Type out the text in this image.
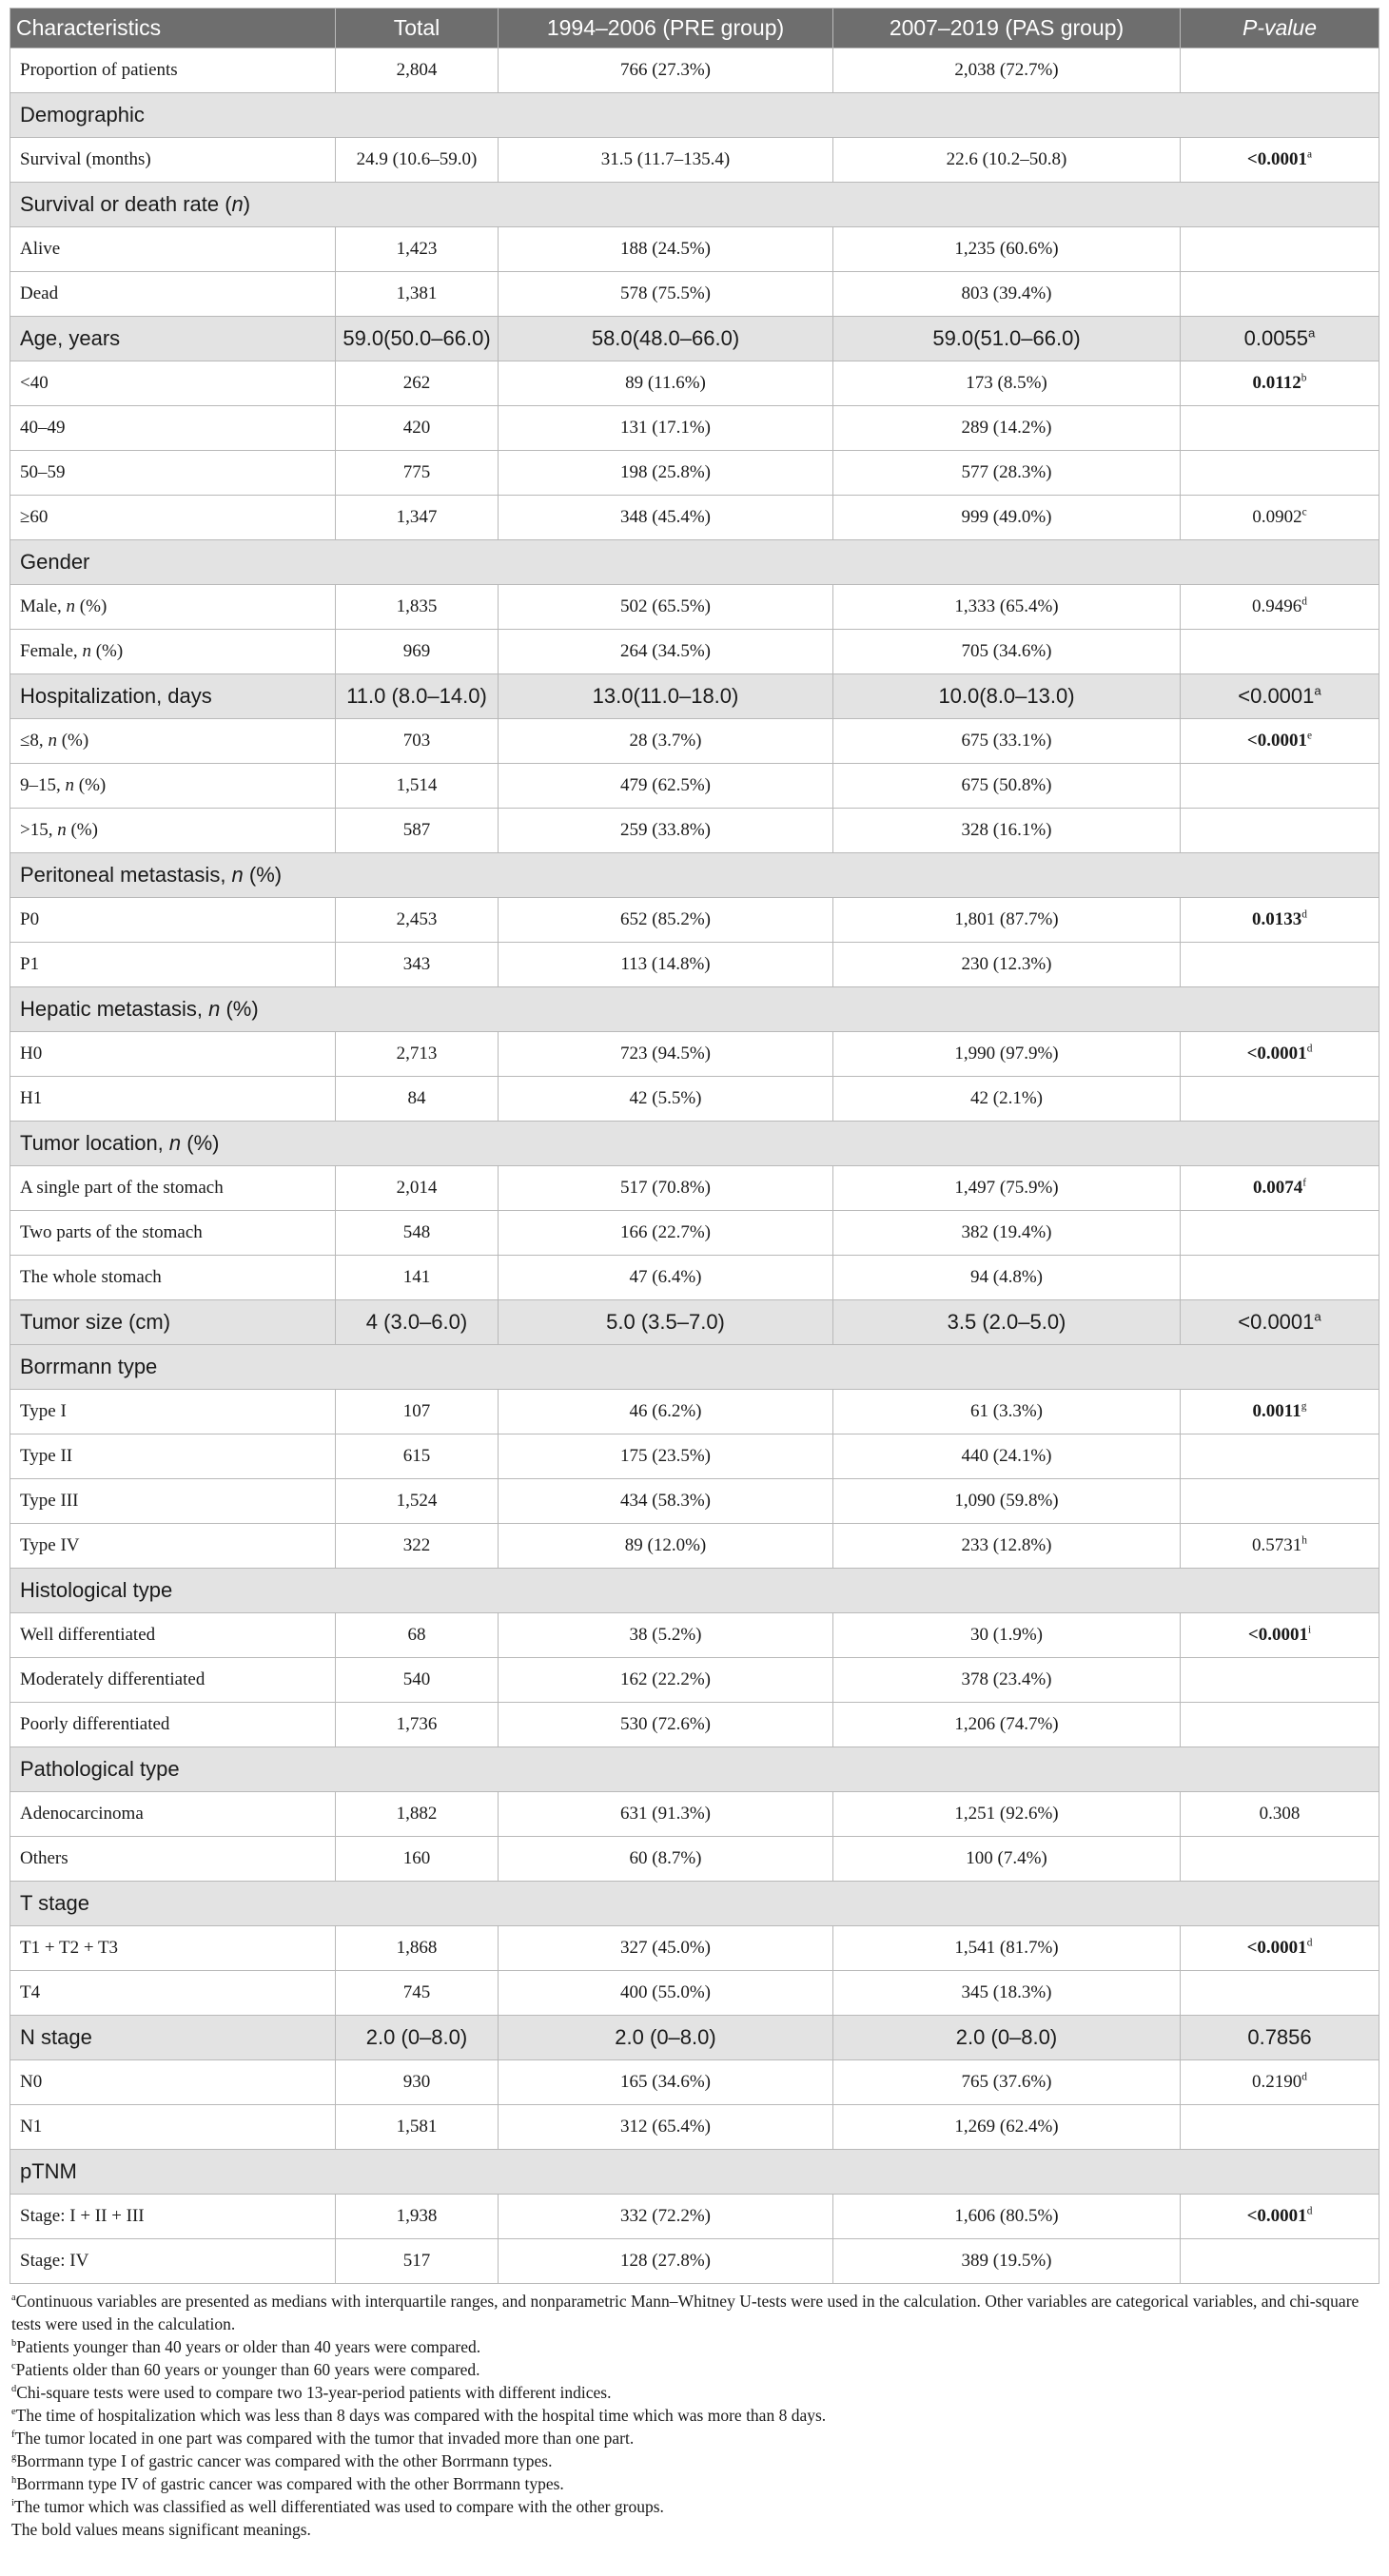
Characteristics	Total	1994–2006 (PRE group)	2007–2019 (PAS group)	P-value
Proportion of patients	2,804	766 (27.3%)	2,038 (72.7%)	
Demographic				
Survival (months)	24.9 (10.6–59.0)	31.5 (11.7–135.4)	22.6 (10.2–50.8)	<0.0001$^a$
Survival or death rate (n)				
Alive	1,423	188 (24.5%)	1,235 (60.6%)	
Dead	1,381	578 (75.5%)	803 (39.4%)	
Age, years	59.0(50.0–66.0)	58.0(48.0–66.0)	59.0(51.0–66.0)	0.0055$^a$
<40	262	89 (11.6%)	173 (8.5%)	0.0112$^b$
40–49	420	131 (17.1%)	289 (14.2%)	
50–59	775	198 (25.8%)	577 (28.3%)	
≥60	1,347	348 (45.4%)	999 (49.0%)	0.0902$^c$
Gender				
Male, n (%)	1,835	502 (65.5%)	1,333 (65.4%)	0.9496$^d$
Female, n (%)	969	264 (34.5%)	705 (34.6%)	
Hospitalization, days	11.0 (8.0–14.0)	13.0(11.0–18.0)	10.0(8.0–13.0)	<0.0001$^a$
≤8, n (%)	703	28 (3.7%)	675 (33.1%)	<0.0001$^e$
9–15, n (%)	1,514	479 (62.5%)	675 (50.8%)	
>15, n (%)	587	259 (33.8%)	328 (16.1%)	
Peritoneal metastasis, n (%)				
P0	2,453	652 (85.2%)	1,801 (87.7%)	0.0133$^d$
P1	343	113 (14.8%)	230 (12.3%)	
Hepatic metastasis, n (%)				
H0	2,713	723 (94.5%)	1,990 (97.9%)	<0.0001$^d$
H1	84	42 (5.5%)	42 (2.1%)	
Tumor location, n (%)				
A single part of the stomach	2,014	517 (70.8%)	1,497 (75.9%)	0.0074$^f$
Two parts of the stomach	548	166 (22.7%)	382 (19.4%)	
The whole stomach	141	47 (6.4%)	94 (4.8%)	
Tumor size (cm)	4 (3.0–6.0)	5.0 (3.5–7.0)	3.5 (2.0–5.0)	<0.0001$^a$
Borrmann type				
Type I	107	46 (6.2%)	61 (3.3%)	0.0011$^g$
Type II	615	175 (23.5%)	440 (24.1%)	
Type III	1,524	434 (58.3%)	1,090 (59.8%)	
Type IV	322	89 (12.0%)	233 (12.8%)	0.5731$^h$
Histological type				
Well differentiated	68	38 (5.2%)	30 (1.9%)	$<0.0001^i$
Moderately differentiated	540	162 (22.2%)	378 (23.4%)	
Poorly differentiated	1,736	530 (72.6%)	1,206 (74.7%)	
Pathological type				
Adenocarcinoma	1,882	631 (91.3%)	1,251 (92.6%)	0.308
Others	160	60 (8.7%)	100 (7.4%)	
T stage				
T1 + T2 + T3	1,868	327 (45.0%)	1,541 (81.7%)	<0.0001$^d$
T4	745	400 (55.0%)	345 (18.3%)	
N stage	2.0 (0–8.0)	2.0 (0–8.0)	2.0 (0–8.0)	0.7856
N0	930	165 (34.6%)	765 (37.6%)	0.2190$^d$
N1	1,581	312 (65.4%)	1,269 (62.4%)	
pTNM				
Stage: I + II + III	1,938	332 (72.2%)	1,606 (80.5%)	<0.0001$^d$
Stage: IV	517	128 (27.8%)	389 (19.5%)	
$^a$Continuous variables are presented as medians with interquartile ranges, and nonparametric Mann–Whitney U-tests were used in the calculation. Other variables are categorical variables, and chi-square tests were used in the calculation.
$^b$Patients younger than 40 years or older than 40 years were compared.
$^c$Patients older than 60 years or younger than 60 years were compared.
$^d$Chi-square tests were used to compare two 13-year-period patients with different indices.
$^e$The time of hospitalization which was less than 8 days was compared with the hospital time which was more than 8 days.
$^f$The tumor located in one part was compared with the tumor that invaded more than one part.
$^g$Borrmann type I of gastric cancer was compared with the other Borrmann types.
$^h$Borrmann type IV of gastric cancer was compared with the other Borrmann types.
$^i$The tumor which was classified as well differentiated was used to compare with the other groups.
The bold values means significant meanings.
